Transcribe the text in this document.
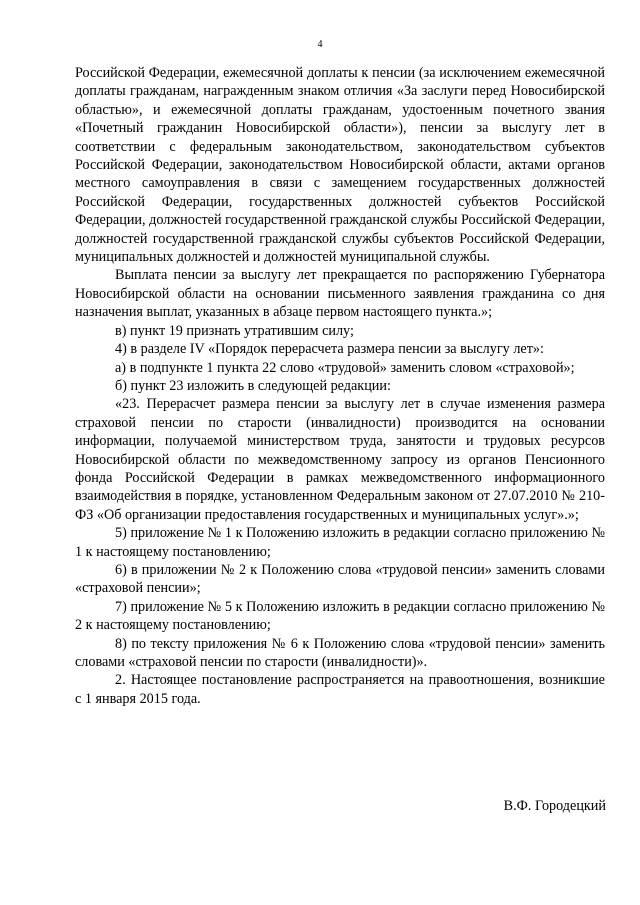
4

Российской Федерации, ежемесячной доплаты к пенсии (за исключением ежемесячной доплаты гражданам, награжденным знаком отличия «За заслуги перед Новосибирской областью», и ежемесячной доплаты гражданам, удостоенным почетного звания «Почетный гражданин Новосибирской области»), пенсии за выслугу лет в соответствии с федеральным законодательством, законодательством субъектов Российской Федерации, законодательством Новосибирской области, актами органов местного самоуправления в связи с замещением государственных должностей Российской Федерации, государственных должностей субъектов Российской Федерации, должностей государственной гражданской службы Российской Федерации, должностей государственной гражданской службы субъектов Российской Федерации, муниципальных должностей и должностей муниципальной службы.

Выплата пенсии за выслугу лет прекращается по распоряжению Губернатора Новосибирской области на основании письменного заявления гражданина со дня назначения выплат, указанных в абзаце первом настоящего пункта.»;

в) пункт 19 признать утратившим силу;

4) в разделе IV «Порядок перерасчета размера пенсии за выслугу лет»:

а) в подпункте 1 пункта 22 слово «трудовой» заменить словом «страховой»;

б) пункт 23 изложить в следующей редакции:

«23. Перерасчет размера пенсии за выслугу лет в случае изменения размера страховой пенсии по старости (инвалидности) производится на основании информации, получаемой министерством труда, занятости и трудовых ресурсов Новосибирской области по межведомственному запросу из органов Пенсионного фонда Российской Федерации в рамках межведомственного информационного взаимодействия в порядке, установленном Федеральным законом от 27.07.2010 № 210-ФЗ «Об организации предоставления государственных и муниципальных услуг».»;

5) приложение № 1 к Положению изложить в редакции согласно приложению № 1 к настоящему постановлению;

6) в приложении № 2 к Положению слова «трудовой пенсии» заменить словами «страховой пенсии»;

7) приложение № 5 к Положению изложить в редакции согласно приложению № 2 к настоящему постановлению;

8) по тексту приложения № 6 к Положению слова «трудовой пенсии» заменить словами «страховой пенсии по старости (инвалидности)».

2. Настоящее постановление распространяется на правоотношения, возникшие с 1 января 2015 года.

В.Ф. Городецкий
